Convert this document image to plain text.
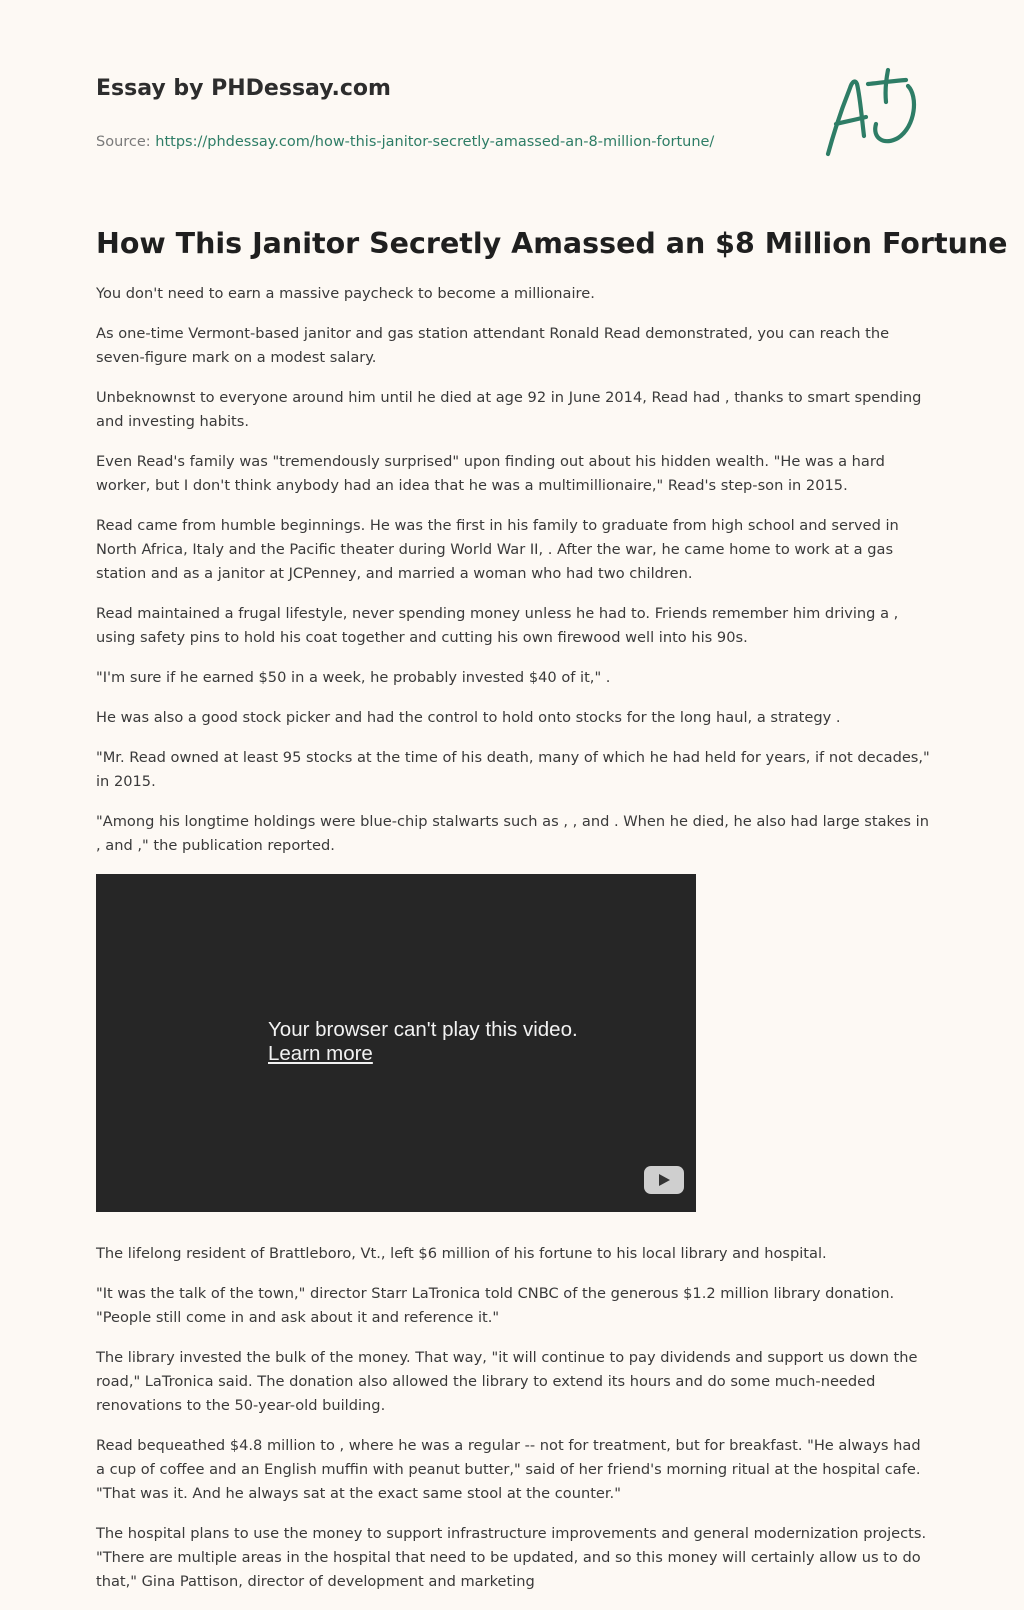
Essay by PHDessay.com
Source: https://phdessay.com/how-this-janitor-secretly-amassed-an-8-million-fortune/
How This Janitor Secretly Amassed an $8 Million Fortune

You don't need to earn a massive paycheck to become a millionaire.

As one-time Vermont-based janitor and gas station attendant Ronald Read demonstrated, you can reach the seven-figure mark on a modest salary.

Unbeknownst to everyone around him until he died at age 92 in June 2014, Read had , thanks to smart spending and investing habits.

Even Read's family was "tremendously surprised" upon finding out about his hidden wealth. "He was a hard worker, but I don't think anybody had an idea that he was a multimillionaire," Read's step-son in 2015.

Read came from humble beginnings. He was the first in his family to graduate from high school and served in North Africa, Italy and the Pacific theater during World War II, . After the war, he came home to work at a gas station and as a janitor at JCPenney, and married a woman who had two children.

Read maintained a frugal lifestyle, never spending money unless he had to. Friends remember him driving a , using safety pins to hold his coat together and cutting his own firewood well into his 90s.

"I'm sure if he earned $50 in a week, he probably invested $40 of it," .

He was also a good stock picker and had the control to hold onto stocks for the long haul, a strategy .

"Mr. Read owned at least 95 stocks at the time of his death, many of which he had held for years, if not decades," in 2015.

"Among his longtime holdings were blue-chip stalwarts such as , , and . When he died, he also had large stakes in , and ," the publication reported.

Your browser can't play this video.
Learn more

The lifelong resident of Brattleboro, Vt., left $6 million of his fortune to his local library and hospital.

"It was the talk of the town," director Starr LaTronica told CNBC of the generous $1.2 million library donation. "People still come in and ask about it and reference it."

The library invested the bulk of the money. That way, "it will continue to pay dividends and support us down the road," LaTronica said. The donation also allowed the library to extend its hours and do some much-needed renovations to the 50-year-old building.

Read bequeathed $4.8 million to , where he was a regular -- not for treatment, but for breakfast. "He always had a cup of coffee and an English muffin with peanut butter," said of her friend's morning ritual at the hospital cafe. "That was it. And he always sat at the exact same stool at the counter."

The hospital plans to use the money to support infrastructure improvements and general modernization projects. "There are multiple areas in the hospital that need to be updated, and so this money will certainly allow us to do that," Gina Pattison, director of development and marketing
